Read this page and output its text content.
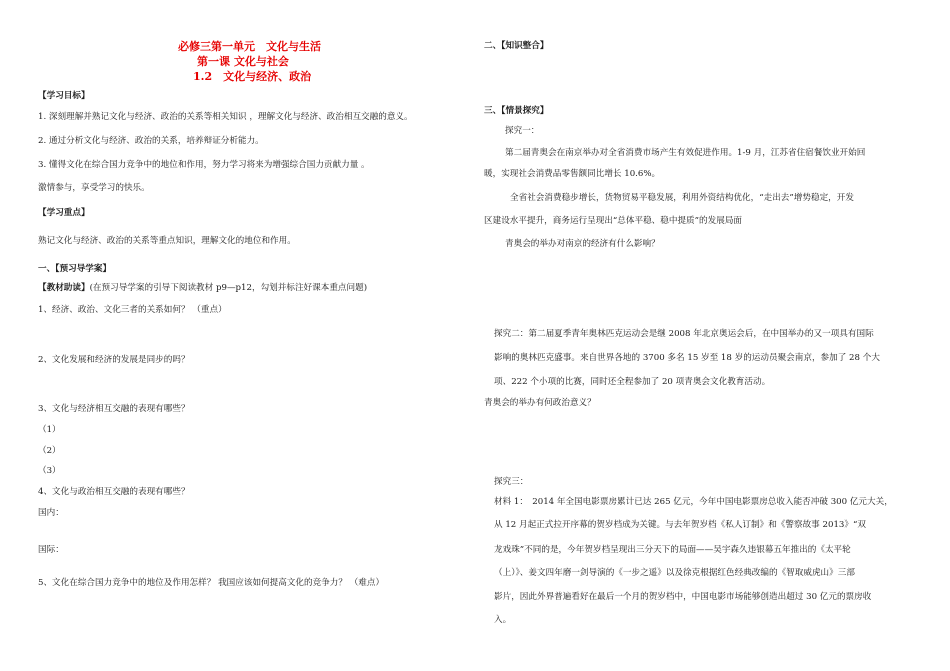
必修三第一单元　文化与生活
第一课 文化与社会
1.2　文化与经济、政治
【学习目标】
1. 深刻理解并熟记文化与经济、政治的关系等相关知识 ，理解文化与经济、政治相互交融的意义。
2. 通过分析文化与经济、政治的关系，培养辩证分析能力。
3. 懂得文化在综合国力竞争中的地位和作用，努力学习将来为增强综合国力贡献力量 。
激情参与，享受学习的快乐。
【学习重点】
熟记文化与经济、政治的关系等重点知识，理解文化的地位和作用。
一、【预习导学案】
【教材助读】(在预习导学案的引导下阅读教材 p9—p12，勾划并标注好课本重点问题)
1、经济、政治、文化三者的关系如何？ （重点）
2、文化发展和经济的发展是同步的吗？
3、文化与经济相互交融的表现有哪些？
（1）
（2）
（3）
4、文化与政治相互交融的表现有哪些？
国内：
国际：
5、文化在综合国力竞争中的地位及作用怎样？ 我国应该如何提高文化的竞争力？ （难点）
二、【知识整合】
三、【情景探究】
探究一：
第二届青奥会在南京举办对全省消费市场产生有效促进作用。1-9 月，江苏省住宿餐饮业开始回
暖，实现社会消费品零售额同比增长 10.6%。
全省社会消费稳步增长，货物贸易平稳发展，利用外资结构优化，“走出去”增势稳定，开发
区建设水平提升，商务运行呈现出“总体平稳、稳中提质”的发展局面
青奥会的举办对南京的经济有什么影响？
探究二：第二届夏季青年奥林匹克运动会是继 2008 年北京奥运会后，在中国举办的又一项具有国际
影响的奥林匹克盛事。来自世界各地的 3700 多名 15 岁至 18 岁的运动员聚会南京，参加了 28 个大
项、222 个小项的比赛，同时还全程参加了 20 项青奥会文化教育活动。
青奥会的举办有何政治意义？
探究三：
材料 1：　2014 年全国电影票房累计已达 265 亿元，今年中国电影票房总收入能否冲破 300 亿元大关，
从 12 月起正式拉开序幕的贺岁档成为关键。与去年贺岁档《私人订制》和《警察故事 2013》“双
龙戏珠”不同的是，今年贺岁档呈现出三分天下的局面——吴宇森久违银幕五年推出的《太平轮
（上）》、姜文四年磨一剑导演的《一步之遥》以及徐克根据红色经典改编的《智取威虎山》三部
影片，因此外界普遍看好在最后一个月的贺岁档中，中国电影市场能够创造出超过 30 亿元的票房收
入。
